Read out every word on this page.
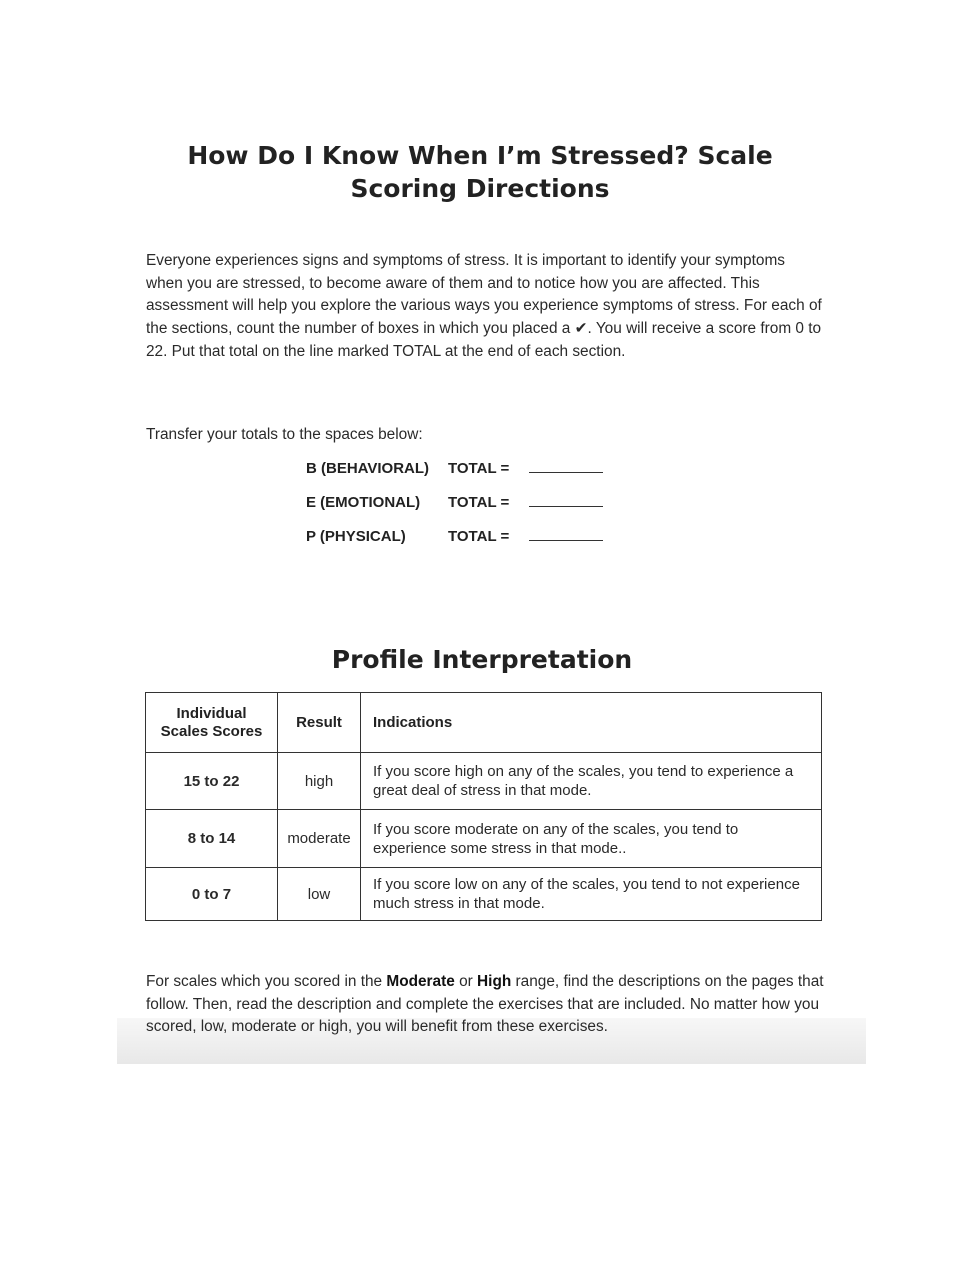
How Do I Know When I’m Stressed? Scale
Scoring Directions
Everyone experiences signs and symptoms of stress. It is important to identify your symptoms when you are stressed, to become aware of them and to notice how you are affected. This assessment will help you explore the various ways you experience symptoms of stress. For each of the sections, count the number of boxes in which you placed a ✔. You will receive a score from 0 to 22. Put that total on the line marked TOTAL at the end of each section.
Transfer your totals to the spaces below:
B (BEHAVIORAL)	TOTAL =
E (EMOTIONAL)	TOTAL =
P (PHYSICAL)	TOTAL =
Profile Interpretation
Individual
Scales Scores	Result	Indications
15 to 22	high	If you score high on any of the scales, you tend to experience a great deal of stress in that mode.
8 to 14	moderate	If you score moderate on any of the scales, you tend to experience some stress in that mode..
0 to 7	low	If you score low on any of the scales, you tend to not experience much stress in that mode.
For scales which you scored in the Moderate or High range, find the descriptions on the pages that follow. Then, read the description and complete the exercises that are included. No matter how you scored, low, moderate or high, you will benefit from these exercises.
